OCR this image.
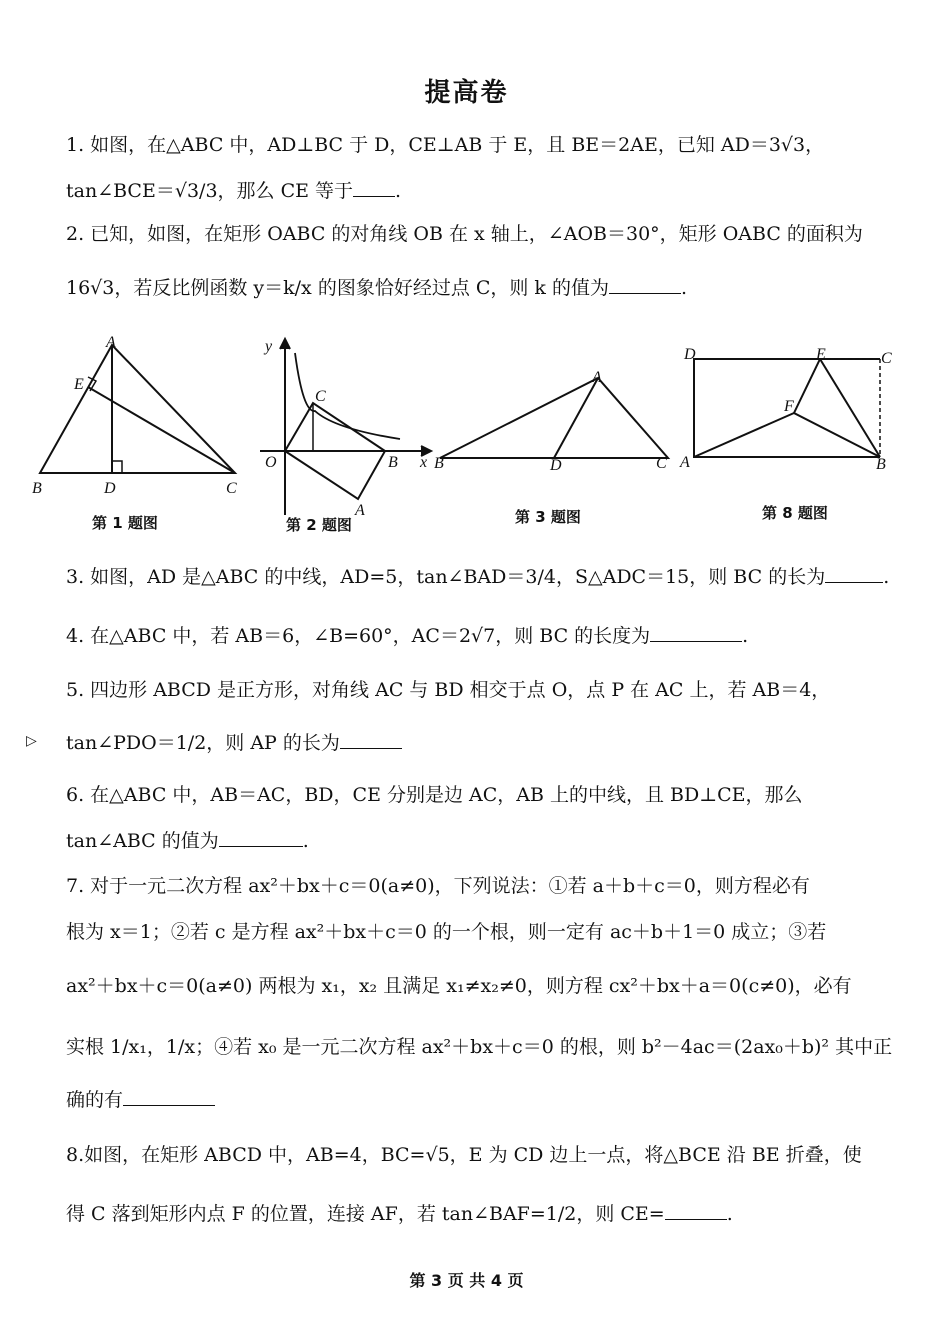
提高卷
1. 如图，在△ABC 中，AD⊥BC 于 D，CE⊥AB 于 E，且 BE＝2AE，已知 AD＝3√3，
tan∠BCE＝√3/3，那么 CE 等于 .
2. 已知，如图，在矩形 OABC 的对角线 OB 在 x 轴上，∠AOB＝30°，矩形 OABC 的面积为
16√3，若反比例函数 y＝k/x 的图象恰好经过点 C，则 k 的值为	.
A
B	C
D
E
第 1 题图
y
x
O
C
B
A
第 2 题图
A
B	C
D
第 3 题图
D	E	C
F
A	B
第 8 题图
3. 如图，AD 是△ABC 的中线，AD=5，tan∠BAD＝3/4，S△ADC＝15，则 BC 的长为	.
4. 在△ABC 中，若 AB＝6，∠B=60°，AC＝2√7，则 BC 的长度为	.
5. 四边形 ABCD 是正方形，对角线 AC 与 BD 相交于点 O，点 P 在 AC 上，若 AB＝4，
▷ tan∠PDO＝1/2，则 AP 的长为
6. 在△ABC 中，AB＝AC，BD，CE 分别是边 AC，AB 上的中线，且 BD⊥CE，那么
tan∠ABC 的值为	.
7. 对于一元二次方程 ax²＋bx＋c＝0(a≠0)，下列说法：①若 a＋b＋c＝0，则方程必有
根为 x＝1；②若 c 是方程 ax²＋bx＋c＝0 的一个根，则一定有 ac＋b＋1＝0 成立；③若
ax²＋bx＋c＝0(a≠0) 两根为 x₁，x₂ 且满足 x₁≠x₂≠0，则方程 cx²＋bx＋a＝0(c≠0)，必有
实根 1/x₁，1/x；④若 x₀ 是一元二次方程 ax²＋bx＋c＝0 的根，则 b²－4ac＝(2ax₀＋b)² 其中正
确的有
8.如图，在矩形 ABCD 中，AB=4，BC=√5，E 为 CD 边上一点，将△BCE 沿 BE 折叠，使
得 C 落到矩形内点 F 的位置，连接 AF，若 tan∠BAF=1/2，则 CE=	.
第 3 页 共 4 页
